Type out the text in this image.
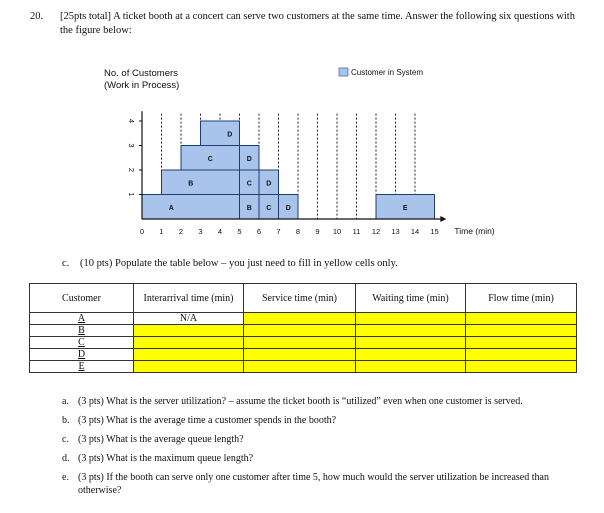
20. [25pts total] A ticket booth at a concert can serve two customers at the same time. Answer the following six questions with the figure below:
No. of Customers
(Work in Process)
Customer in System
A	B C D	E
B	C D
C	D
D
0 1 2 3 4 5 6 7 8 9 10 11 12 13 14 15
1
2
3
4
Time (min)
c. (10 pts) Populate the table below – you just need to fill in yellow cells only.
Customer	Interarrival time (min)	Service time (min)	Waiting time (min)	Flow time (min)
A	N/A			
B				
C				
D				
E				
a. (3 pts) What is the server utilization? – assume the ticket booth is “utilized” even when one customer is served.
b. (3 pts) What is the average time a customer spends in the booth?
c. (3 pts) What is the average queue length?
d. (3 pts) What is the maximum queue length?
e. (3 pts) If the booth can serve only one customer after time 5, how much would the server utilization be increased than otherwise?
